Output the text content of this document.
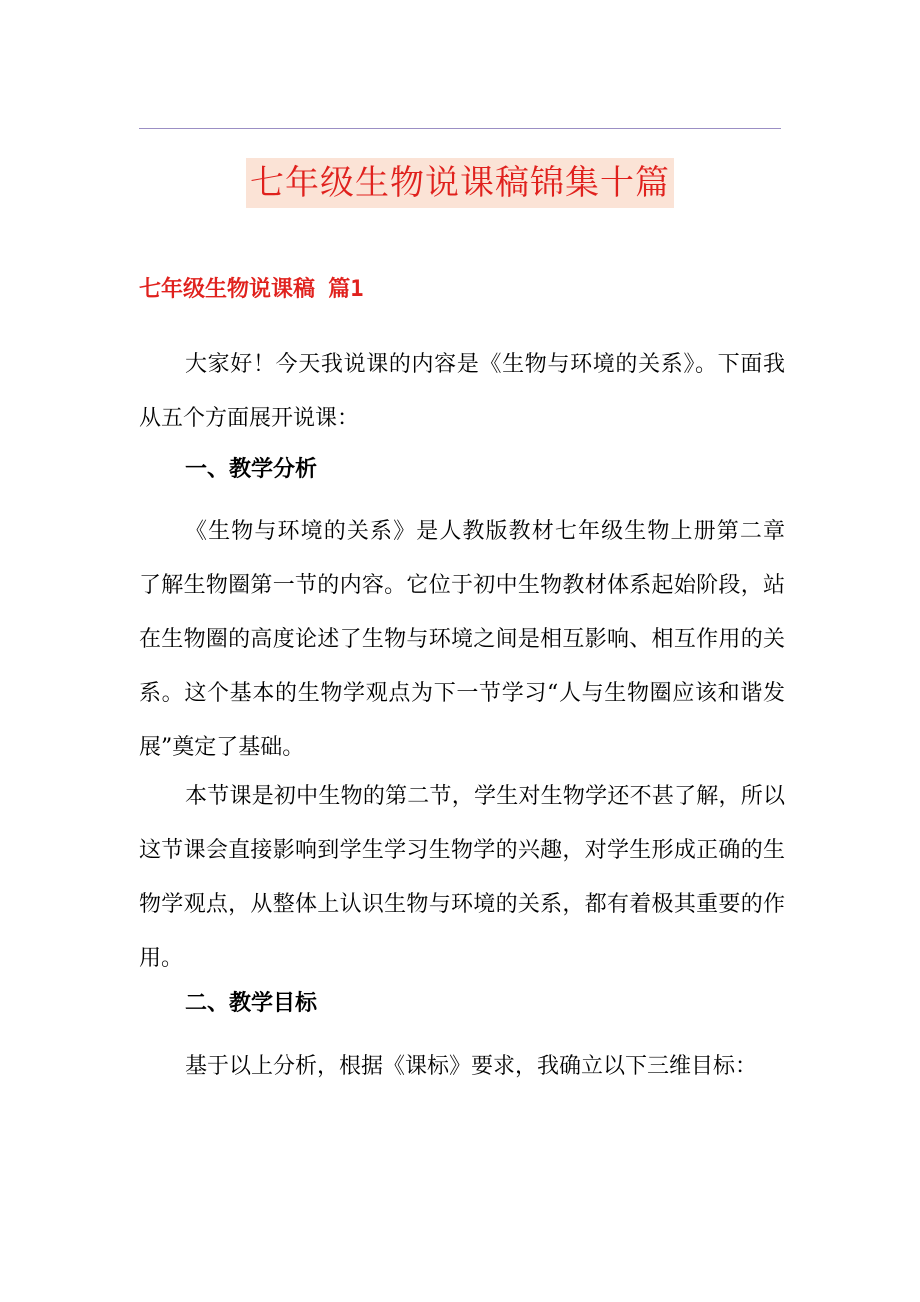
七年级生物说课稿锦集十篇
七年级生物说课稿 篇1

大家好！今天我说课的内容是《生物与环境的关系》。下面我从五个方面展开说课：

一、教学分析

《生物与环境的关系》是人教版教材七年级生物上册第二章 了解生物圈第一节的内容。它位于初中生物教材体系起始阶段，站在生物圈的高度论述了生物与环境之间是相互影响、相互作用的关系。这个基本的生物学观点为下一节学习“人与生物圈应该和谐发展”奠定了基础。

本节课是初中生物的第二节，学生对生物学还不甚了解，所以这节课会直接影响到学生学习生物学的兴趣，对学生形成正确的生物学观点，从整体上认识生物与环境的关系，都有着极其重要的作用。

二、教学目标

基于以上分析，根据《课标》要求，我确立以下三维目标：
